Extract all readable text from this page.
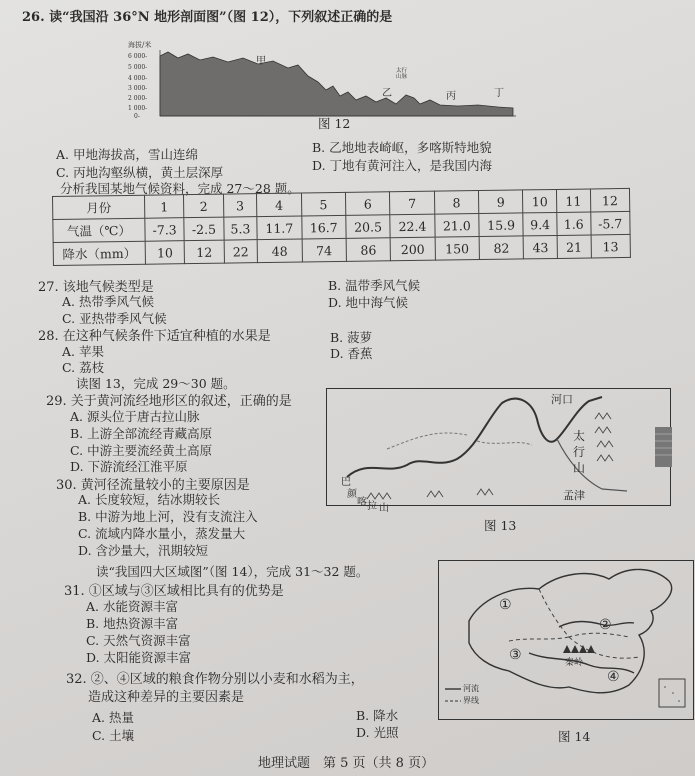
26. 读“我国沿 36°N 地形剖面图”（图 12），下列叙述正确的是
海拔/米
6 000-
5 000-
4 000-
3 000-
2 000-
1 000-
0-
甲
乙	丙	丁
太行山脉
图 12
A. 甲地海拔高，雪山连绵	B. 乙地地表崎岖，多喀斯特地貌
C. 丙地沟壑纵横，黄土层深厚	D. 丁地有黄河注入，是我国内海
分析我国某地气候资料，完成 27～28 题。
月份	1	2	3	4	5	6	7	8	9	10	11	12
气温（℃）	-7.3	-2.5	5.3	11.7	16.7	20.5	22.4	21.0	15.9	9.4	1.6	-5.7
降水（mm）	10	12	22	48	74	86	200	150	82	43	21	13
27. 该地气候类型是
A. 热带季风气候
B. 温带季风气候
C. 亚热带季风气候
D. 地中海气候
28. 在这种气候条件下适宜种植的水果是
A. 苹果
B. 菠萝
C. 荔枝
D. 香蕉
读图 13，完成 29～30 题。
29. 关于黄河流经地形区的叙述，正确的是
A. 源头位于唐古拉山脉
B. 上游全部流经青藏高原
C. 中游主要流经黄土高原
D. 下游流经江淮平原
30. 黄河径流量较小的主要原因是
A. 长度较短，结冰期较长
B. 中游为地上河，没有支流注入
C. 流域内降水量小，蒸发量大
D. 含沙量大，汛期较短
河口
太
行
山
巴
颜
喀 拉 山
孟津
图 13
读“我国四大区域图”（图 14），完成 31～32 题。
31. ①区域与③区域相比具有的优势是
A. 水能资源丰富
B. 地热资源丰富
C. 天然气资源丰富
D. 太阳能资源丰富
32. ②、④区域的粮食作物分别以小麦和水稻为主，
造成这种差异的主要因素是
A. 热量	B. 降水
C. 土壤	D. 光照
①
②
③
④
秦岭
河流
界线
图 14
地理试题　第 5 页（共 8 页）
